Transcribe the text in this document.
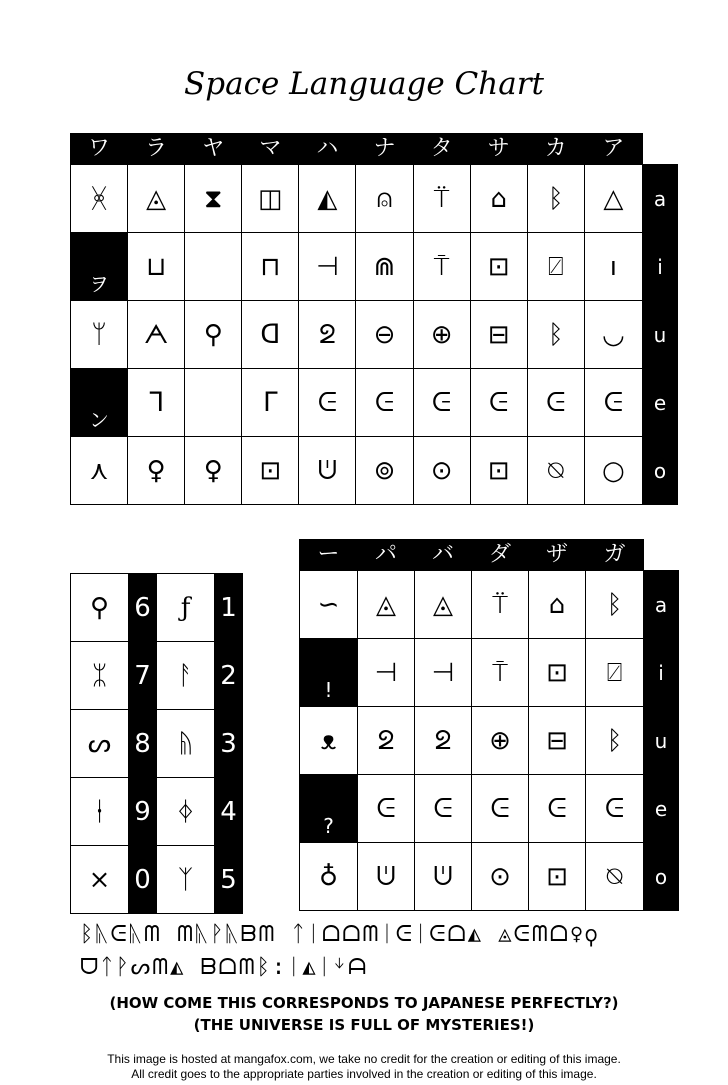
Space Language Chart
ワ	ラ	ヤ	マ	ハ	ナ	タ	サ	カ	ア	
ᚸ	◬	⧗	◫	◭	⍝	⍡	⌂	ᛒ	△	a
ヲ	⊔		⊓	⊣	⋒	⍑	⊡	⍁	ı	i
ᛘ	ᗅ	⚲	ᗡ	ᘖ	⊖	⊕	⊟	ᛒ	◡	u
ン	ᒣ		ᒥ	ᕮ	ᕮ	ᕮ	ᕮ	ᕮ	ᕮ	e
⋏	♀	♀	⊡	ᕫ	⊚	⊙	⊡	⍉	○	o
⚲	6	ƒ	1
ᛯ	7	ᚨ	2
ᔕ	8	ᚥ	3
ᚽ	9	ᛄ	4
⨯	0	ᛉ	5
ー	パ	バ	ダ	ザ	ガ	
∽	◬	◬	⍡	⌂	ᛒ	a
!	⊣	⊣	⍑	⊡	⍁	i
ᴥ	ᘖ	ᘖ	⊕	⊟	ᛒ	u
?	ᕮ	ᕮ	ᕮ	ᕮ	ᕮ	e
♁	ᕫ	ᕫ	⊙	⊡	⍉	o
ᛒᚣᕮᚣᗰ ᗰᚣᚹᚣᗷᗰ ᛏᛁᗝᗝᗰᛁᕮᛁᕮᗝ◭ ◬ᕮᗰᗝ♀⚲
ᗜᛏᚹᔕᗰ◭ ᗷᗝᗰᛒ:ᛁ◭ᛁᛎᗩ
(HOW COME THIS CORRESPONDS TO JAPANESE PERFECTLY?)
(THE UNIVERSE IS FULL OF MYSTERIES!)
This image is hosted at mangafox.com, we take no credit for the creation or editing of this image.
All credit goes to the appropriate parties involved in the creation or editing of this image.
